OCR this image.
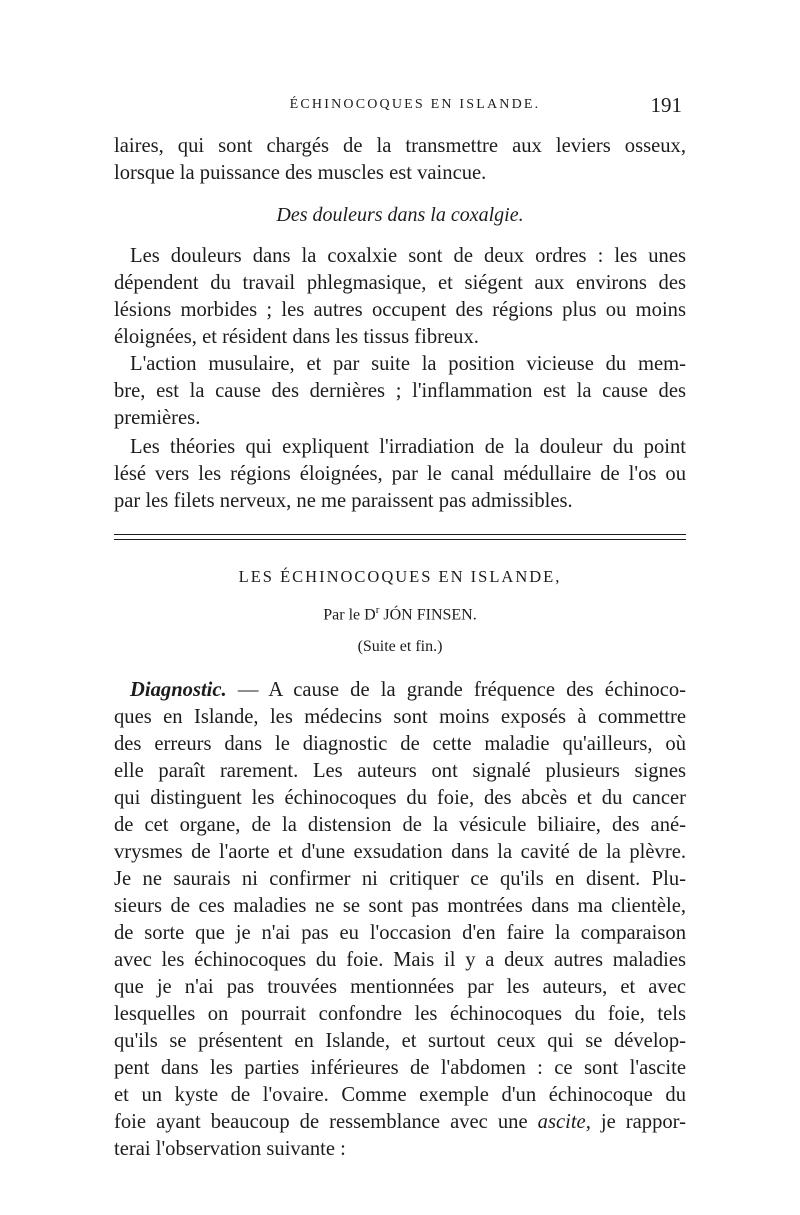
ÉCHINOCOQUES EN ISLANDE.	191
laires, qui sont chargés de la transmettre aux leviers osseux,
lorsque la puissance des muscles est vaincue.
Des douleurs dans la coxalgie.
Les douleurs dans la coxalxie sont de deux ordres : les unes
dépendent du travail phlegmasique, et siégent aux environs des
lésions morbides ; les autres occupent des régions plus ou moins
éloignées, et résident dans les tissus fibreux.
L'action musulaire, et par suite la position vicieuse du mem-
bre, est la cause des dernières ; l'inflammation est la cause des
premières.
Les théories qui expliquent l'irradiation de la douleur du point
lésé vers les régions éloignées, par le canal médullaire de l'os ou
par les filets nerveux, ne me paraissent pas admissibles.
LES ÉCHINOCOQUES EN ISLANDE,
Par le $D^r$ JÓN FINSEN.
(Suite et fin.)
Diagnostic. — A cause de la grande fréquence des échinoco-
ques en Islande, les médecins sont moins exposés à commettre
des erreurs dans le diagnostic de cette maladie qu'ailleurs, où
elle paraît rarement. Les auteurs ont signalé plusieurs signes
qui distinguent les échinocoques du foie, des abcès et du cancer
de cet organe, de la distension de la vésicule biliaire, des ané-
vrysmes de l'aorte et d'une exsudation dans la cavité de la plèvre.
Je ne saurais ni confirmer ni critiquer ce qu'ils en disent. Plu-
sieurs de ces maladies ne se sont pas montrées dans ma clientèle,
de sorte que je n'ai pas eu l'occasion d'en faire la comparaison
avec les échinocoques du foie. Mais il y a deux autres maladies
que je n'ai pas trouvées mentionnées par les auteurs, et avec
lesquelles on pourrait confondre les échinocoques du foie, tels
qu'ils se présentent en Islande, et surtout ceux qui se dévelop-
pent dans les parties inférieures de l'abdomen : ce sont l'ascite
et un kyste de l'ovaire. Comme exemple d'un échinocoque du
foie ayant beaucoup de ressemblance avec une ascite, je rappor-
terai l'observation suivante :
